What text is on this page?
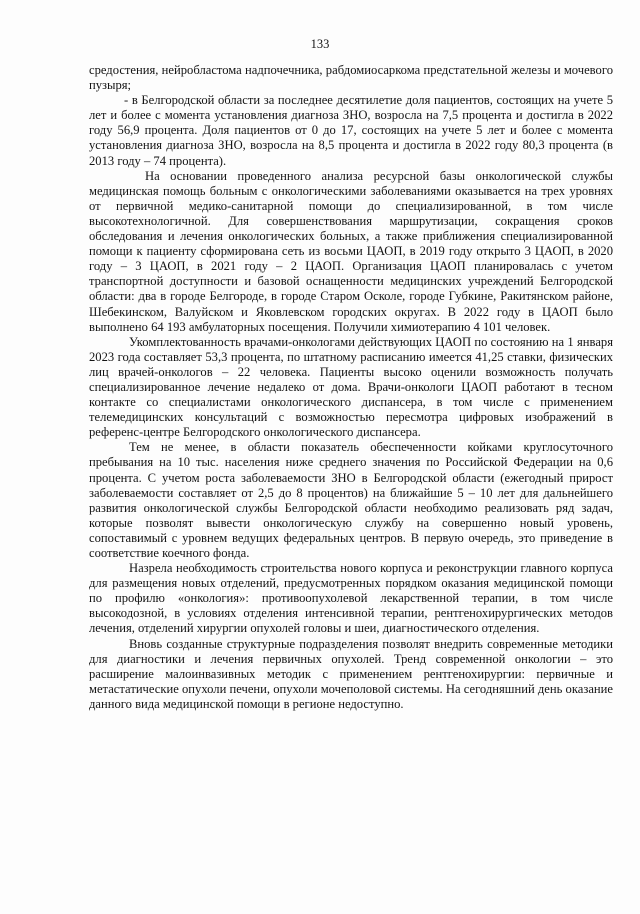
133

средостения, нейробластома надпочечника, рабдомиосаркома предстательной железы и мочевого пузыря;

- в Белгородской области за последнее десятилетие доля пациентов, состоящих на учете 5 лет и более с момента установления диагноза ЗНО, возросла на 7,5 процента и достигла в 2022 году 56,9 процента. Доля пациентов от 0 до 17, состоящих на учете 5 лет и более с момента установления диагноза ЗНО, возросла на 8,5 процента и достигла в 2022 году 80,3 процента (в 2013 году – 74 процента).

На основании проведенного анализа ресурсной базы онкологической службы медицинская помощь больным с онкологическими заболеваниями оказывается на трех уровнях от первичной медико-санитарной помощи до специализированной, в том числе высокотехнологичной. Для совершенствования маршрутизации, сокращения сроков обследования и лечения онкологических больных, а также приближения специализированной помощи к пациенту сформирована сеть из восьми ЦАОП, в 2019 году открыто 3 ЦАОП, в 2020 году – 3 ЦАОП, в 2021 году – 2 ЦАОП. Организация ЦАОП планировалась с учетом транспортной доступности и базовой оснащенности медицинских учреждений Белгородской области: два в городе Белгороде, в городе Старом Осколе, городе Губкине, Ракитянском районе, Шебекинском, Валуйском и Яковлевском городских округах. В 2022 году в ЦАОП было выполнено 64 193 амбулаторных посещения. Получили химиотерапию 4 101 человек.

Укомплектованность врачами-онкологами действующих ЦАОП по состоянию на 1 января 2023 года составляет 53,3 процента, по штатному расписанию имеется 41,25 ставки, физических лиц врачей-онкологов – 22 человека. Пациенты высоко оценили возможность получать специализированное лечение недалеко от дома. Врачи-онкологи ЦАОП работают в тесном контакте со специалистами онкологического диспансера, в том числе с применением телемедицинских консультаций с возможностью пересмотра цифровых изображений в референс-центре Белгородского онкологического диспансера.

Тем не менее, в области показатель обеспеченности койками круглосуточного пребывания на 10 тыс. населения ниже среднего значения по Российской Федерации на 0,6 процента. С учетом роста заболеваемости ЗНО в Белгородской области (ежегодный прирост заболеваемости составляет от 2,5 до 8 процентов) на ближайшие 5 – 10 лет для дальнейшего развития онкологической службы Белгородской области необходимо реализовать ряд задач, которые позволят вывести онкологическую службу на совершенно новый уровень, сопоставимый с уровнем ведущих федеральных центров. В первую очередь, это приведение в соответствие коечного фонда.

Назрела необходимость строительства нового корпуса и реконструкции главного корпуса для размещения новых отделений, предусмотренных порядком оказания медицинской помощи по профилю «онкология»: противоопухолевой лекарственной терапии, в том числе высокодозной, в условиях отделения интенсивной терапии, рентгенохирургических методов лечения, отделений хирургии опухолей головы и шеи, диагностического отделения.

Вновь созданные структурные подразделения позволят внедрить современные методики для диагностики и лечения первичных опухолей. Тренд современной онкологии – это расширение малоинвазивных методик с применением рентгенохирургии: первичные и метастатические опухоли печени, опухоли мочеполовой системы. На сегодняшний день оказание данного вида медицинской помощи в регионе недоступно.
